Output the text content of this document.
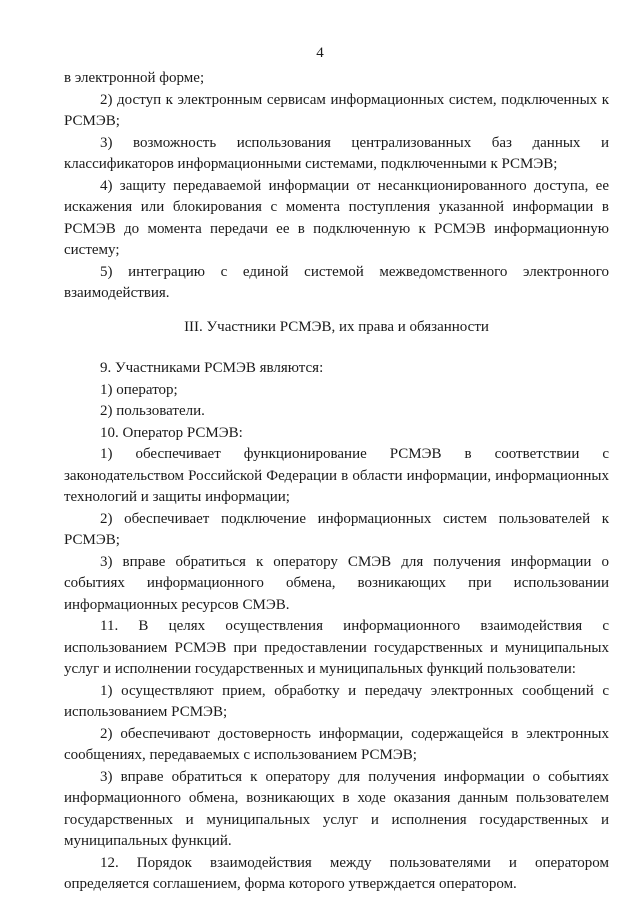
4

в электронной форме;

2) доступ к электронным сервисам информационных систем, подключенных к РСМЭВ;

3) возможность использования централизованных баз данных и классификаторов информационными системами, подключенными к РСМЭВ;

4) защиту передаваемой информации от несанкционированного доступа, ее искажения или блокирования с момента поступления указанной информации в РСМЭВ до момента передачи ее в подключенную к РСМЭВ информационную систему;

5) интеграцию с единой системой межведомственного электронного взаимодействия.

III. Участники РСМЭВ, их права и обязанности

9. Участниками РСМЭВ являются:

1) оператор;

2) пользователи.

10. Оператор РСМЭВ:

1) обеспечивает функционирование РСМЭВ в соответствии с законодательством Российской Федерации в области информации, информационных технологий и защиты информации;

2) обеспечивает подключение информационных систем пользователей к РСМЭВ;

3) вправе обратиться к оператору СМЭВ для получения информации о событиях информационного обмена, возникающих при использовании информационных ресурсов СМЭВ.

11. В целях осуществления информационного взаимодействия с использованием РСМЭВ при предоставлении государственных и муниципальных услуг и исполнении государственных и муниципальных функций пользователи:

1) осуществляют прием, обработку и передачу электронных сообщений с использованием РСМЭВ;

2) обеспечивают достоверность информации, содержащейся в электронных сообщениях, передаваемых с использованием РСМЭВ;

3) вправе обратиться к оператору для получения информации о событиях информационного обмена, возникающих в ходе оказания данным пользователем государственных и муниципальных услуг и исполнения государственных и муниципальных функций.

12. Порядок взаимодействия между пользователями и оператором определяется соглашением, форма которого утверждается оператором.
